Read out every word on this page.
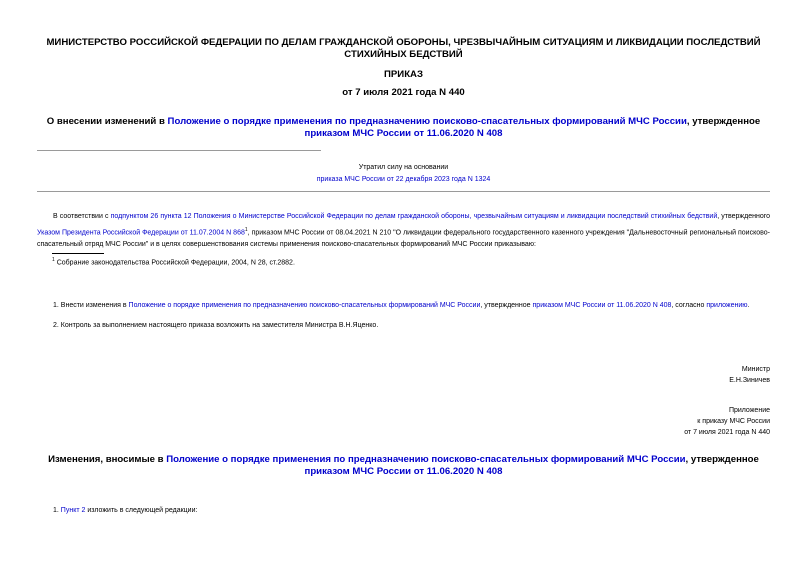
МИНИСТЕРСТВО РОССИЙСКОЙ ФЕДЕРАЦИИ ПО ДЕЛАМ ГРАЖДАНСКОЙ ОБОРОНЫ, ЧРЕЗВЫЧАЙНЫМ СИТУАЦИЯМ И ЛИКВИДАЦИИ ПОСЛЕДСТВИЙ СТИХИЙНЫХ БЕДСТВИЙ
ПРИКАЗ
от 7 июля 2021 года N 440
О внесении изменений в Положение о порядке применения по предназначению поисково-спасательных формирований МЧС России, утвержденное приказом МЧС России от 11.06.2020 N 408
Утратил силу на основании
приказа МЧС России от 22 декабря 2023 года N 1324
В соответствии с подпунктом 26 пункта 12 Положения о Министерстве Российской Федерации по делам гражданской обороны, чрезвычайным ситуациям и ликвидации последствий стихийных бедствий, утвержденного Указом Президента Российской Федерации от 11.07.2004 N $868^1$, приказом МЧС России от 08.04.2021 N 210 "О ликвидации федерального государственного казенного учреждения "Дальневосточный региональный поисково-спасательный отряд МЧС России" и в целях совершенствования системы применения поисково-спасательных формирований МЧС России приказываю:
$^1$ Собрание законодательства Российской Федерации, 2004, N 28, ст.2882.
1. Внести изменения в Положение о порядке применения по предназначению поисково-спасательных формирований МЧС России, утвержденное приказом МЧС России от 11.06.2020 N 408, согласно приложению.
2. Контроль за выполнением настоящего приказа возложить на заместителя Министра В.Н.Яценко.
Министр
Е.Н.Зиничев
Приложение
к приказу МЧС России
от 7 июля 2021 года N 440
Изменения, вносимые в Положение о порядке применения по предназначению поисково-спасательных формирований МЧС России, утвержденное приказом МЧС России от 11.06.2020 N 408
1. Пункт 2 изложить в следующей редакции:
